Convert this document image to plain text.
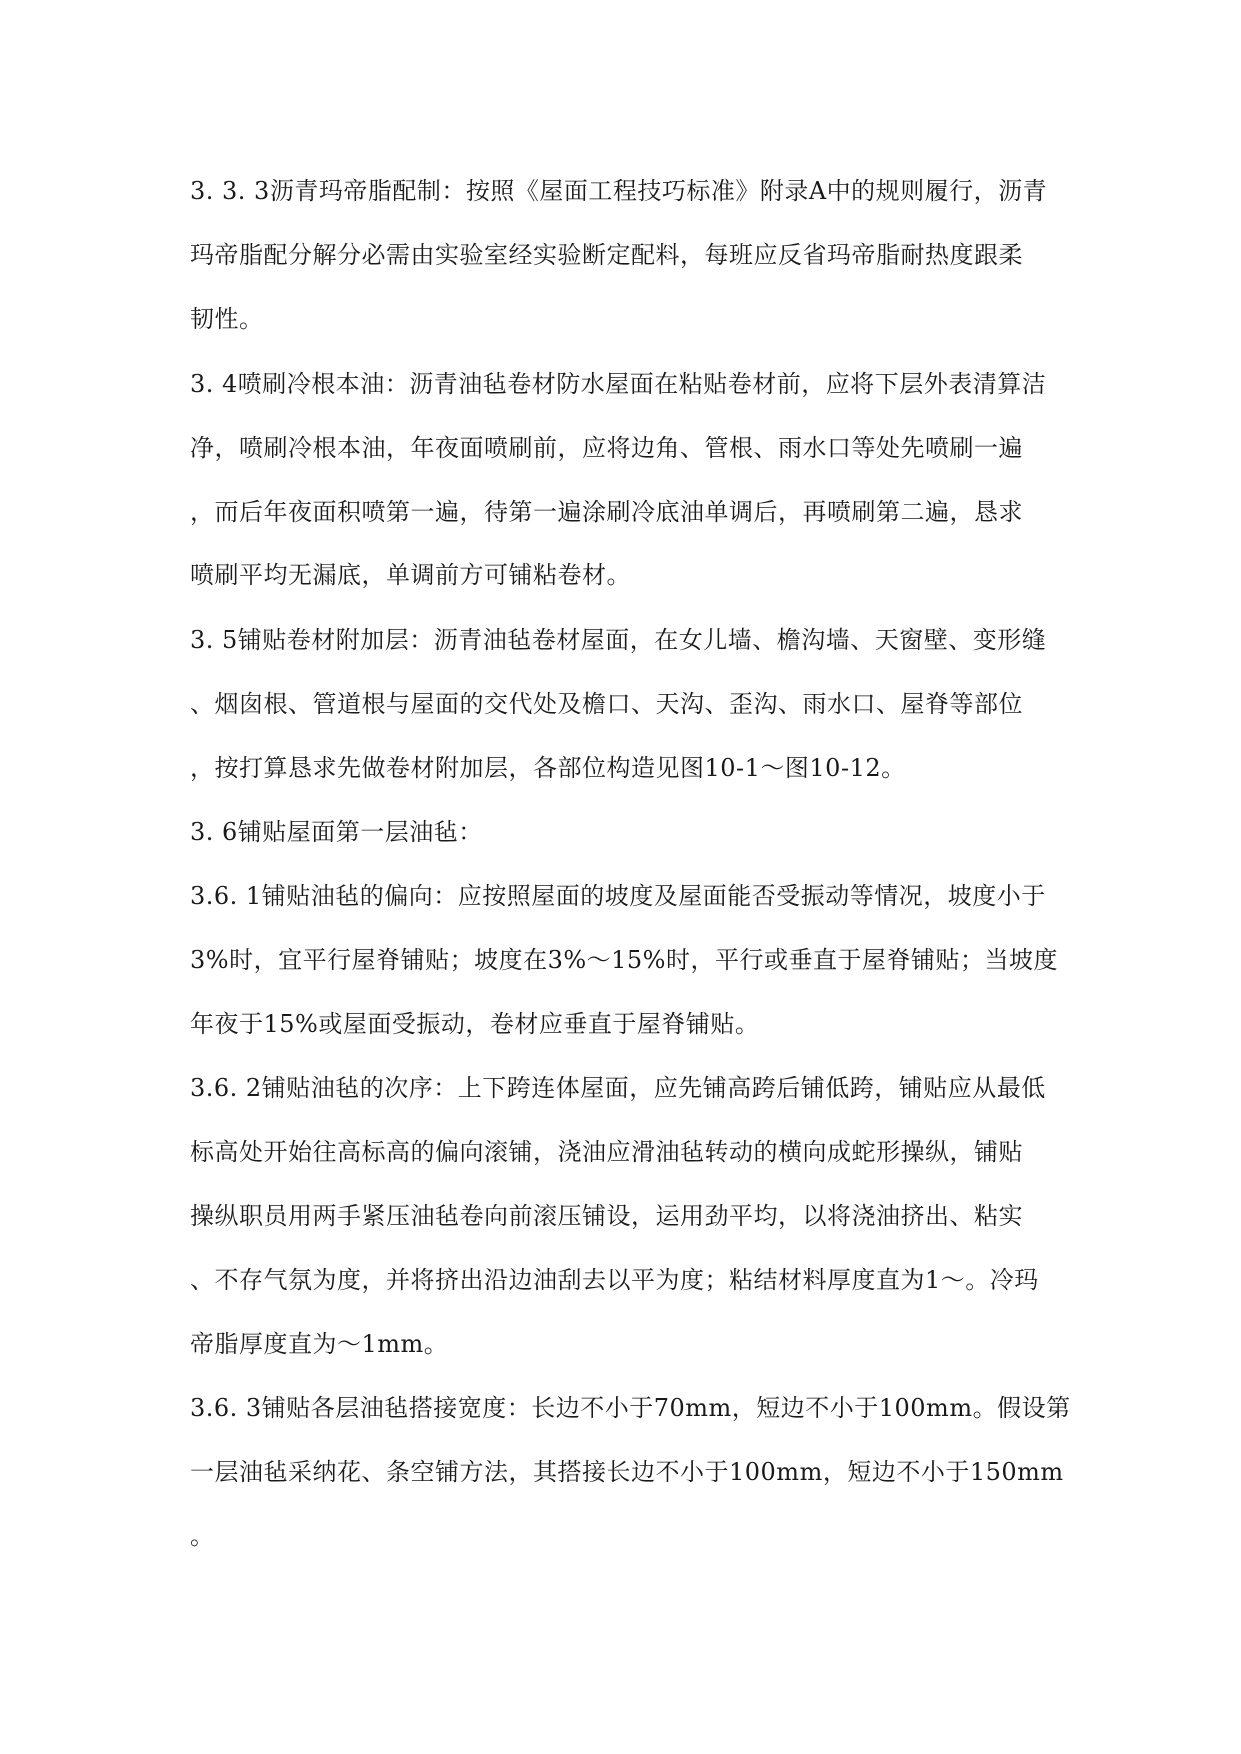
3. 3. 3沥青玛帝脂配制：按照《屋面工程技巧标准》附录A中的规则履行，沥青
玛帝脂配分解分必需由实验室经实验断定配料，每班应反省玛帝脂耐热度跟柔
韧性。
3. 4喷刷冷根本油：沥青油毡卷材防水屋面在粘贴卷材前，应将下层外表清算洁
净，喷刷冷根本油，年夜面喷刷前，应将边角、管根、雨水口等处先喷刷一遍
，而后年夜面积喷第一遍，待第一遍涂刷冷底油单调后，再喷刷第二遍，恳求
喷刷平均无漏底，单调前方可铺粘卷材。
3. 5铺贴卷材附加层：沥青油毡卷材屋面，在女儿墙、檐沟墙、天窗壁、变形缝
、烟囱根、管道根与屋面的交代处及檐口、天沟、歪沟、雨水口、屋脊等部位
，按打算恳求先做卷材附加层，各部位构造见图10-1～图10-12。
3. 6铺贴屋面第一层油毡：
3.6. 1铺贴油毡的偏向：应按照屋面的坡度及屋面能否受振动等情况，坡度小于
3%时，宜平行屋脊铺贴；坡度在3%～15%时，平行或垂直于屋脊铺贴；当坡度
年夜于15%或屋面受振动，卷材应垂直于屋脊铺贴。
3.6. 2铺贴油毡的次序：上下跨连体屋面，应先铺高跨后铺低跨，铺贴应从最低
标高处开始往高标高的偏向滚铺，浇油应滑油毡转动的横向成蛇形操纵，铺贴
操纵职员用两手紧压油毡卷向前滚压铺设，运用劲平均，以将浇油挤出、粘实
、不存气氛为度，并将挤出沿边油刮去以平为度；粘结材料厚度直为1～。冷玛
帝脂厚度直为～1mm。
3.6. 3铺贴各层油毡搭接宽度：长边不小于70mm，短边不小于100mm。假设第
一层油毡采纳花、条空铺方法，其搭接长边不小于100mm，短边不小于150mm
。
